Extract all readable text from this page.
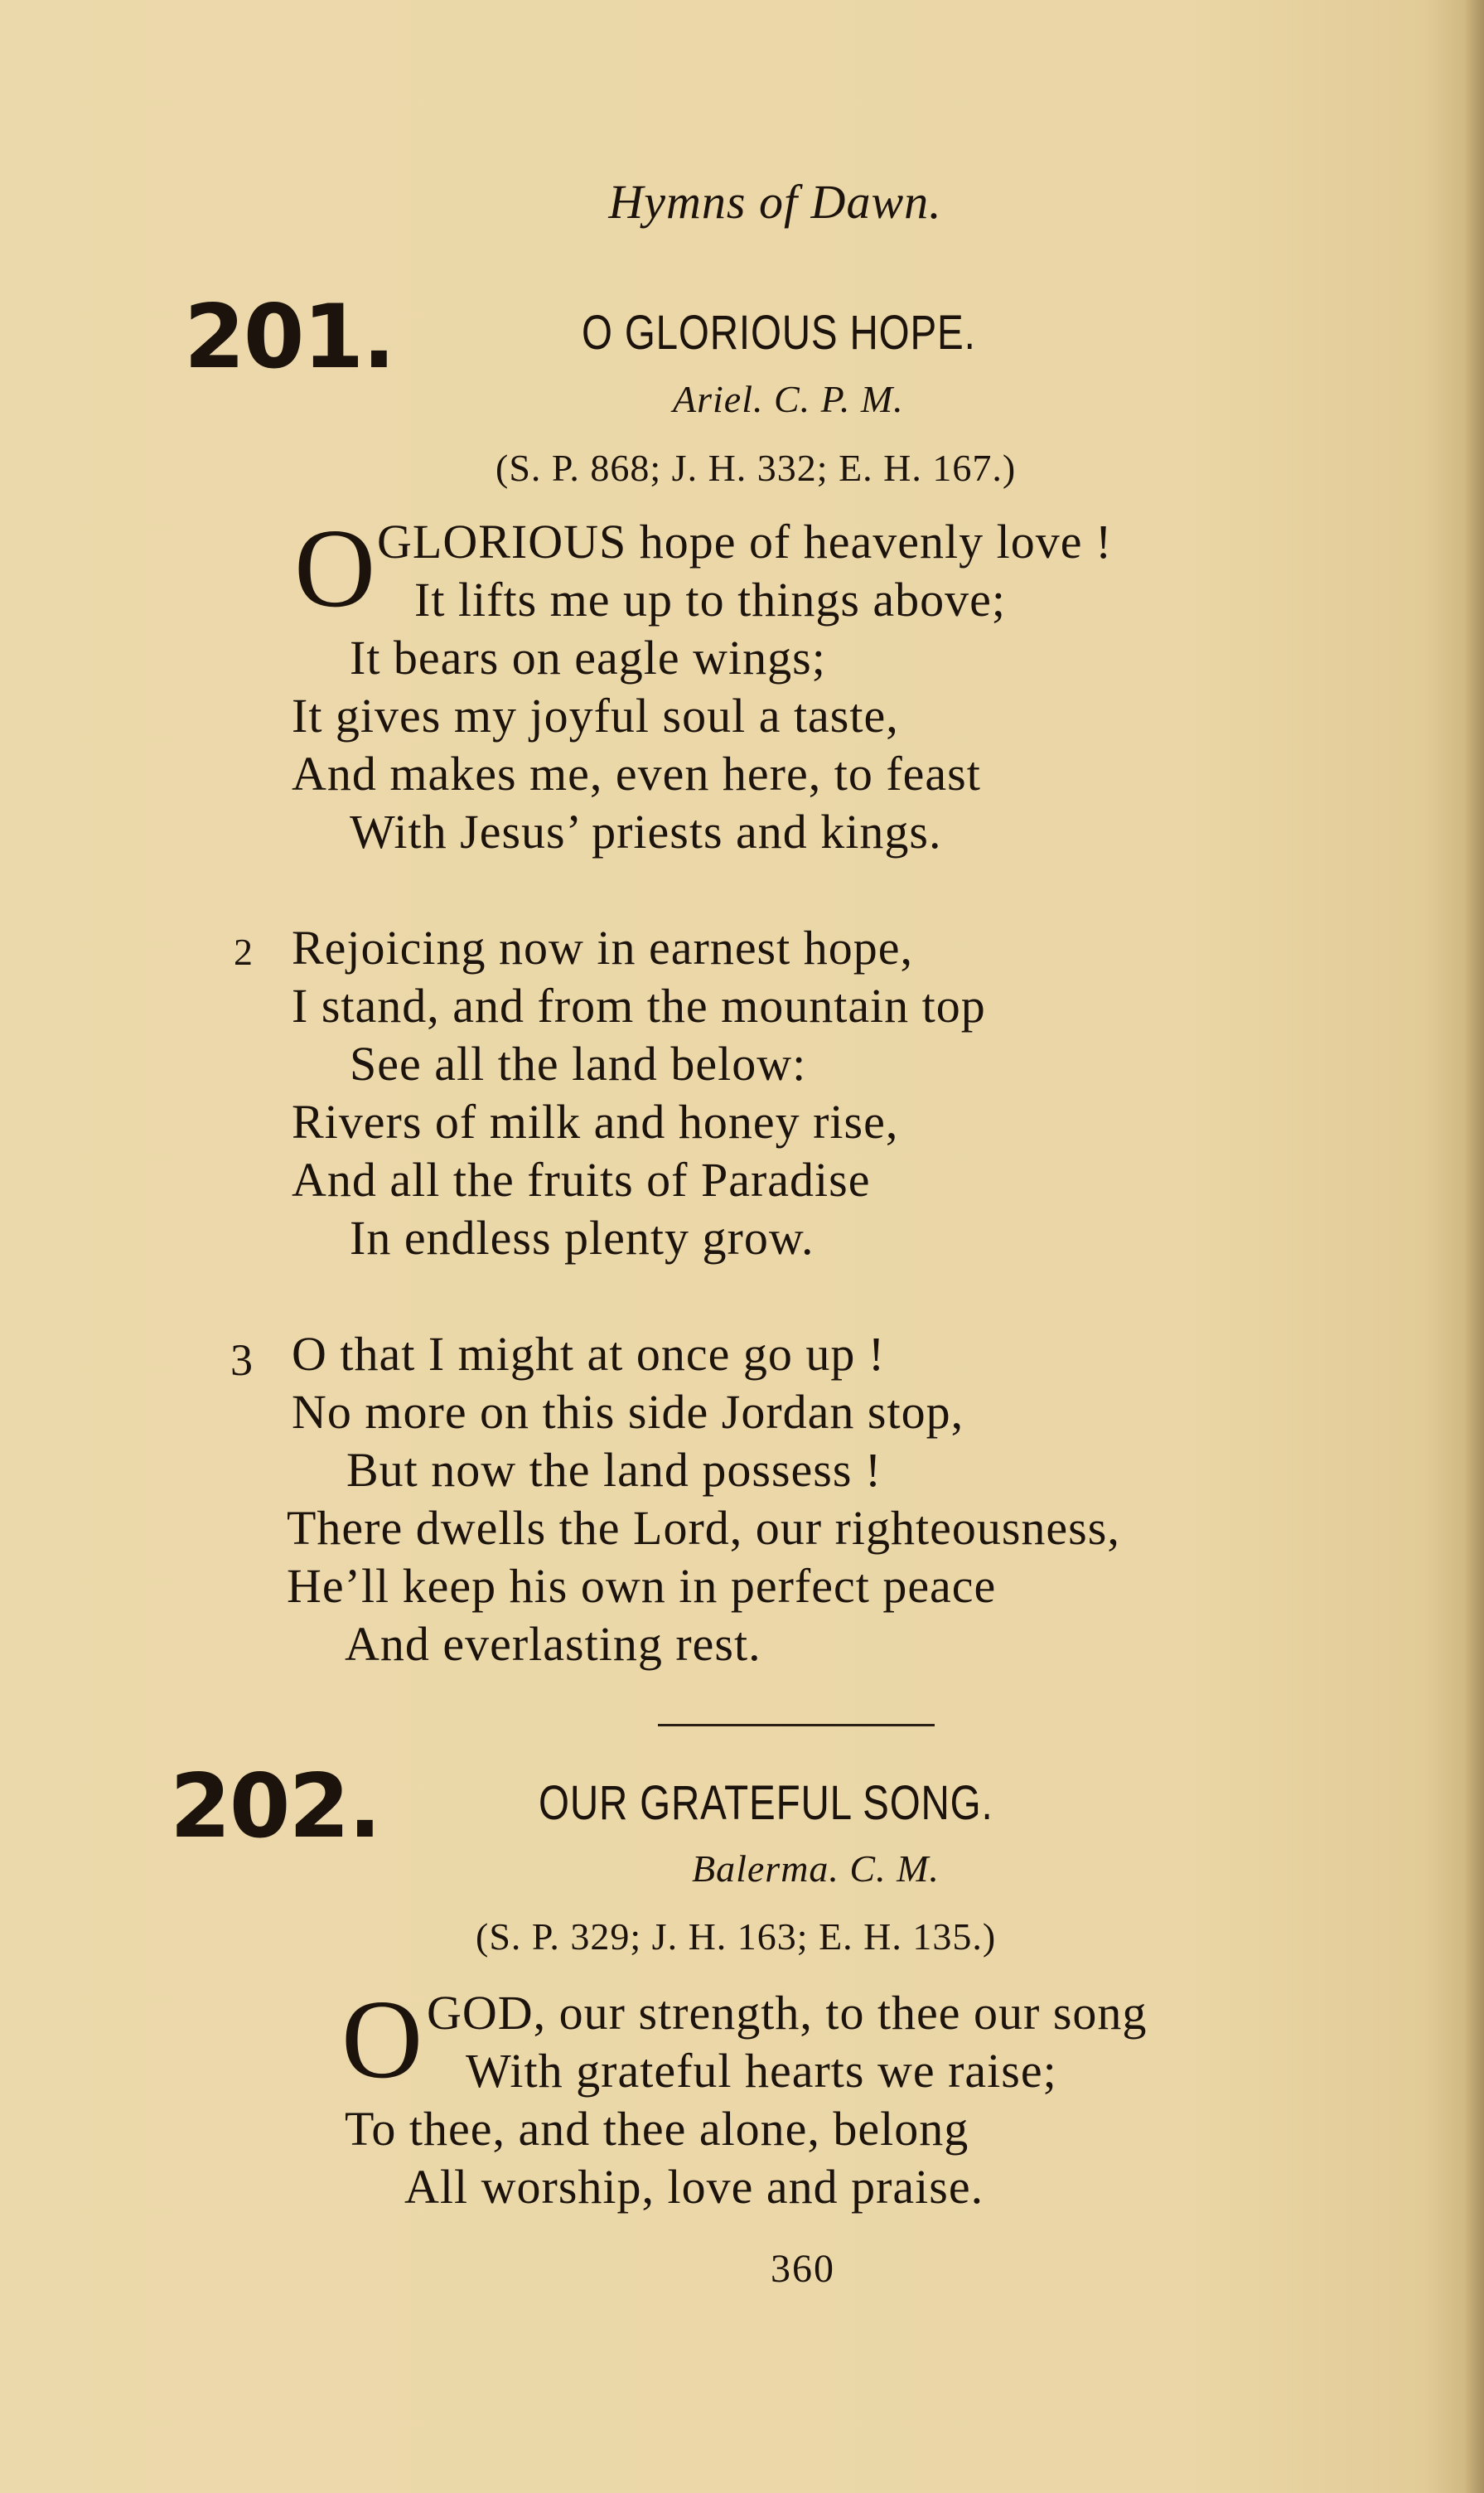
Hymns of Dawn.
201.	O GLORIOUS HOPE.
Ariel. C. P. M.
(S. P. 868; J. H. 332; E. H. 167.)
O GLORIOUS hope of heavenly love !
It lifts me up to things above;
It bears on eagle wings;
It gives my joyful soul a taste,
And makes me, even here, to feast
With Jesus’ priests and kings.
2 Rejoicing now in earnest hope,
I stand, and from the mountain top
See all the land below:
Rivers of milk and honey rise,
And all the fruits of Paradise
In endless plenty grow.
3 O that I might at once go up !
No more on this side Jordan stop,
But now the land possess !
There dwells the Lord, our righteousness,
He’ll keep his own in perfect peace
And everlasting rest.
202.	OUR GRATEFUL SONG.
Balerma. C. M.
(S. P. 329; J. H. 163; E. H. 135.)
O GOD, our strength, to thee our song
With grateful hearts we raise;
To thee, and thee alone, belong
All worship, love and praise.
360
